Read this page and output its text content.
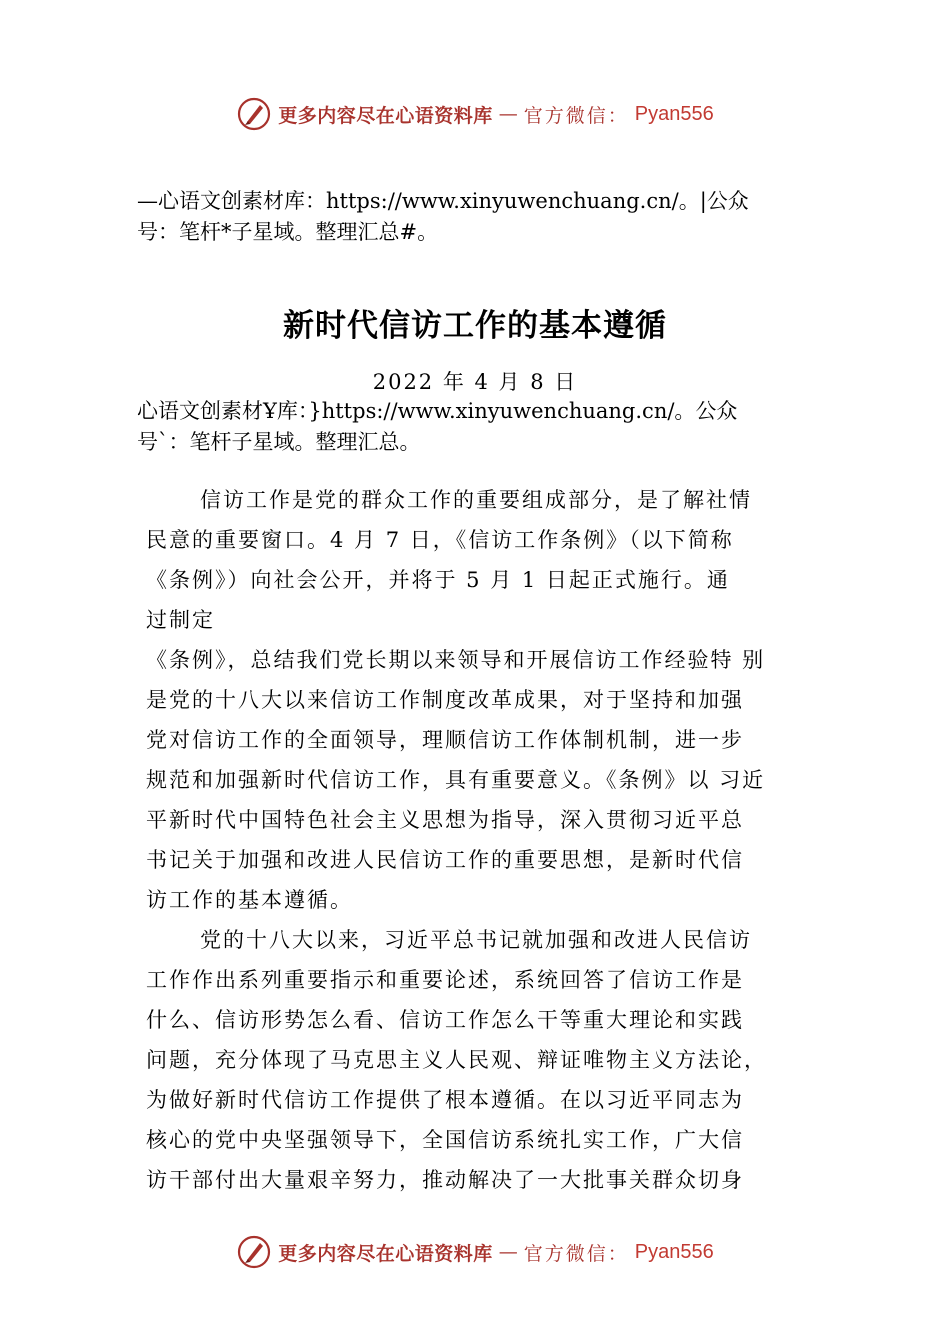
更多内容尽在心语资料库 — 官方微信： Pyan556
—心语文创素材库：https://www.xinyuwenchuang.cn/。|公众
号：笔杆*子星域。整理汇总#。
新时代信访工作的基本遵循
2022 年 4 月 8 日
心语文创素材Ұ库：}https://www.xinyuwenchuang.cn/。公众
号`：笔杆子星域。整理汇总。
信访工作是党的群众工作的重要组成部分，是了解社情
民意的重要窗口。4 月 7 日，《信访工作条例》（以下简称
《条例》）向社会公开，并将于 5 月 1 日起正式施行。通
过制定
《条例》，总结我们党长期以来领导和开展信访工作经验特 别
是党的十八大以来信访工作制度改革成果，对于坚持和加强
党对信访工作的全面领导，理顺信访工作体制机制，进一步
规范和加强新时代信访工作，具有重要意义。《条例》以 习近
平新时代中国特色社会主义思想为指导，深入贯彻习近平总
书记关于加强和改进人民信访工作的重要思想，是新时代信
访工作的基本遵循。
党的十八大以来，习近平总书记就加强和改进人民信访
工作作出系列重要指示和重要论述，系统回答了信访工作是
什么、信访形势怎么看、信访工作怎么干等重大理论和实践
问题，充分体现了马克思主义人民观、辩证唯物主义方法论，
为做好新时代信访工作提供了根本遵循。在以习近平同志为
核心的党中央坚强领导下，全国信访系统扎实工作，广大信
访干部付出大量艰辛努力，推动解决了一大批事关群众切身
更多内容尽在心语资料库 — 官方微信： Pyan556
